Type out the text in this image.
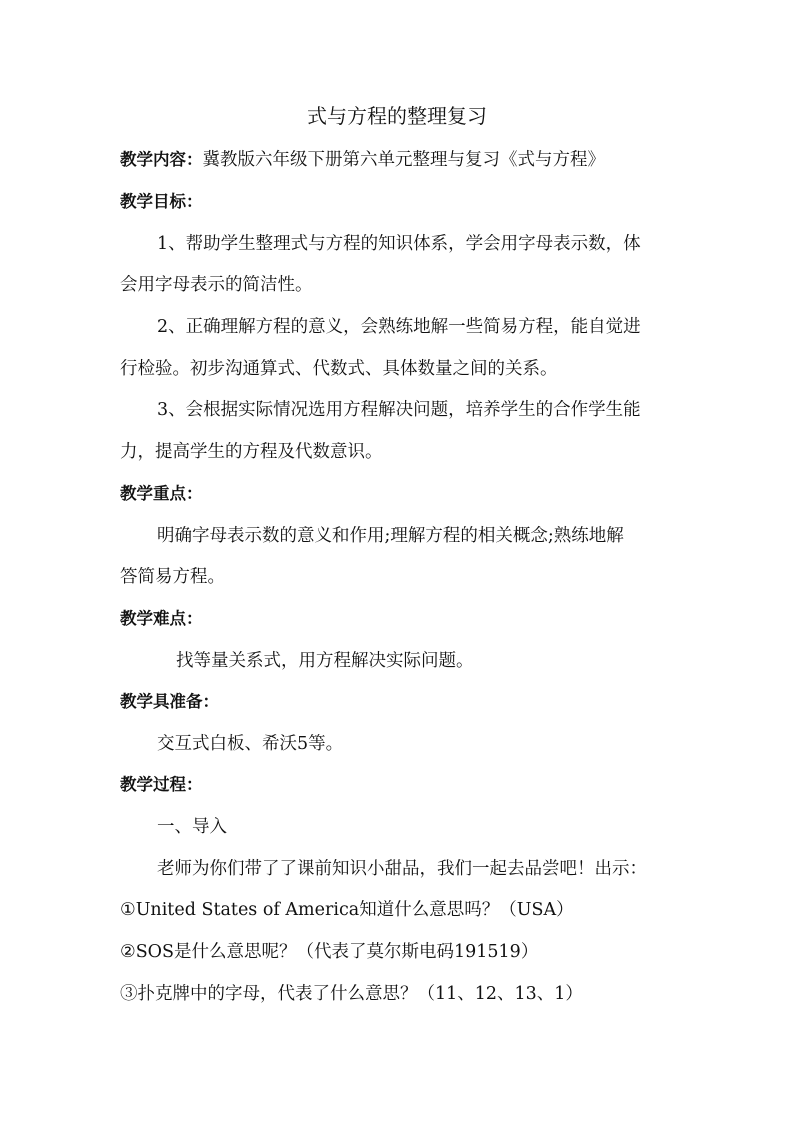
式与方程的整理复习
教学内容：冀教版六年级下册第六单元整理与复习《式与方程》
教学目标：
1、帮助学生整理式与方程的知识体系，学会用字母表示数，体
会用字母表示的简洁性。
2、正确理解方程的意义，会熟练地解一些简易方程，能自觉进
行检验。初步沟通算式、代数式、具体数量之间的关系。
3、会根据实际情况选用方程解决问题，培养学生的合作学生能
力，提高学生的方程及代数意识。
教学重点：
明确字母表示数的意义和作用;理解方程的相关概念;熟练地解
答简易方程。
教学难点：
找等量关系式，用方程解决实际问题。
教学具准备：
交互式白板、希沃5等。
教学过程：
一、导入
老师为你们带了了课前知识小甜品，我们一起去品尝吧！出示：
①United States of America知道什么意思吗？（USA）
②SOS是什么意思呢？（代表了莫尔斯电码191519）
③扑克牌中的字母，代表了什么意思？（11、12、13、1）
